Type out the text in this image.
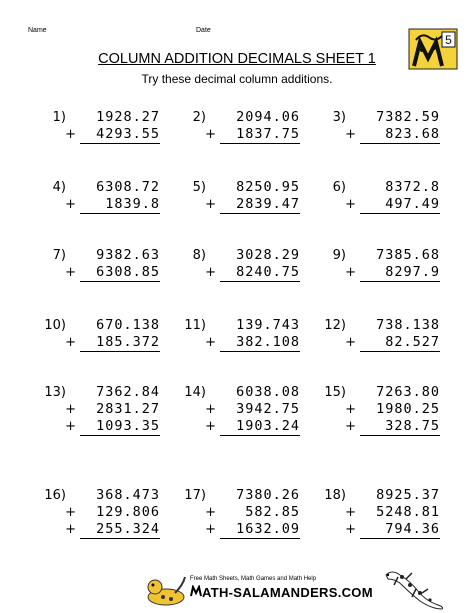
Name	Date
5
COLUMN ADDITION DECIMALS SHEET 1
Try these decimal column additions.
1)	1928.27
+	4293.55
2)	2094.06
+	1837.75
3)	7382.59
+	823.68
4)	6308.72
+	1839.8
5)	8250.95
+	2839.47
6)	8372.8
+	497.49
7)	9382.63
+	6308.85
8)	3028.29
+	8240.75
9)	7385.68
+	8297.9
10)	670.138
+	185.372
11)	139.743
+	382.108
12)	738.138
+	82.527
13)	7362.84
+	2831.27
+	1093.35
14)	6038.08
+	3942.75
+	1903.24
15)	7263.80
+	1980.25
+	328.75
16)	368.473
+	129.806
+	255.324
17)	7380.26
+	582.85
+	1632.09
18)	8925.37
+	5248.81
+	794.36
Free Math Sheets, Math Games and Math Help
ATH-SALAMANDERS.COM
